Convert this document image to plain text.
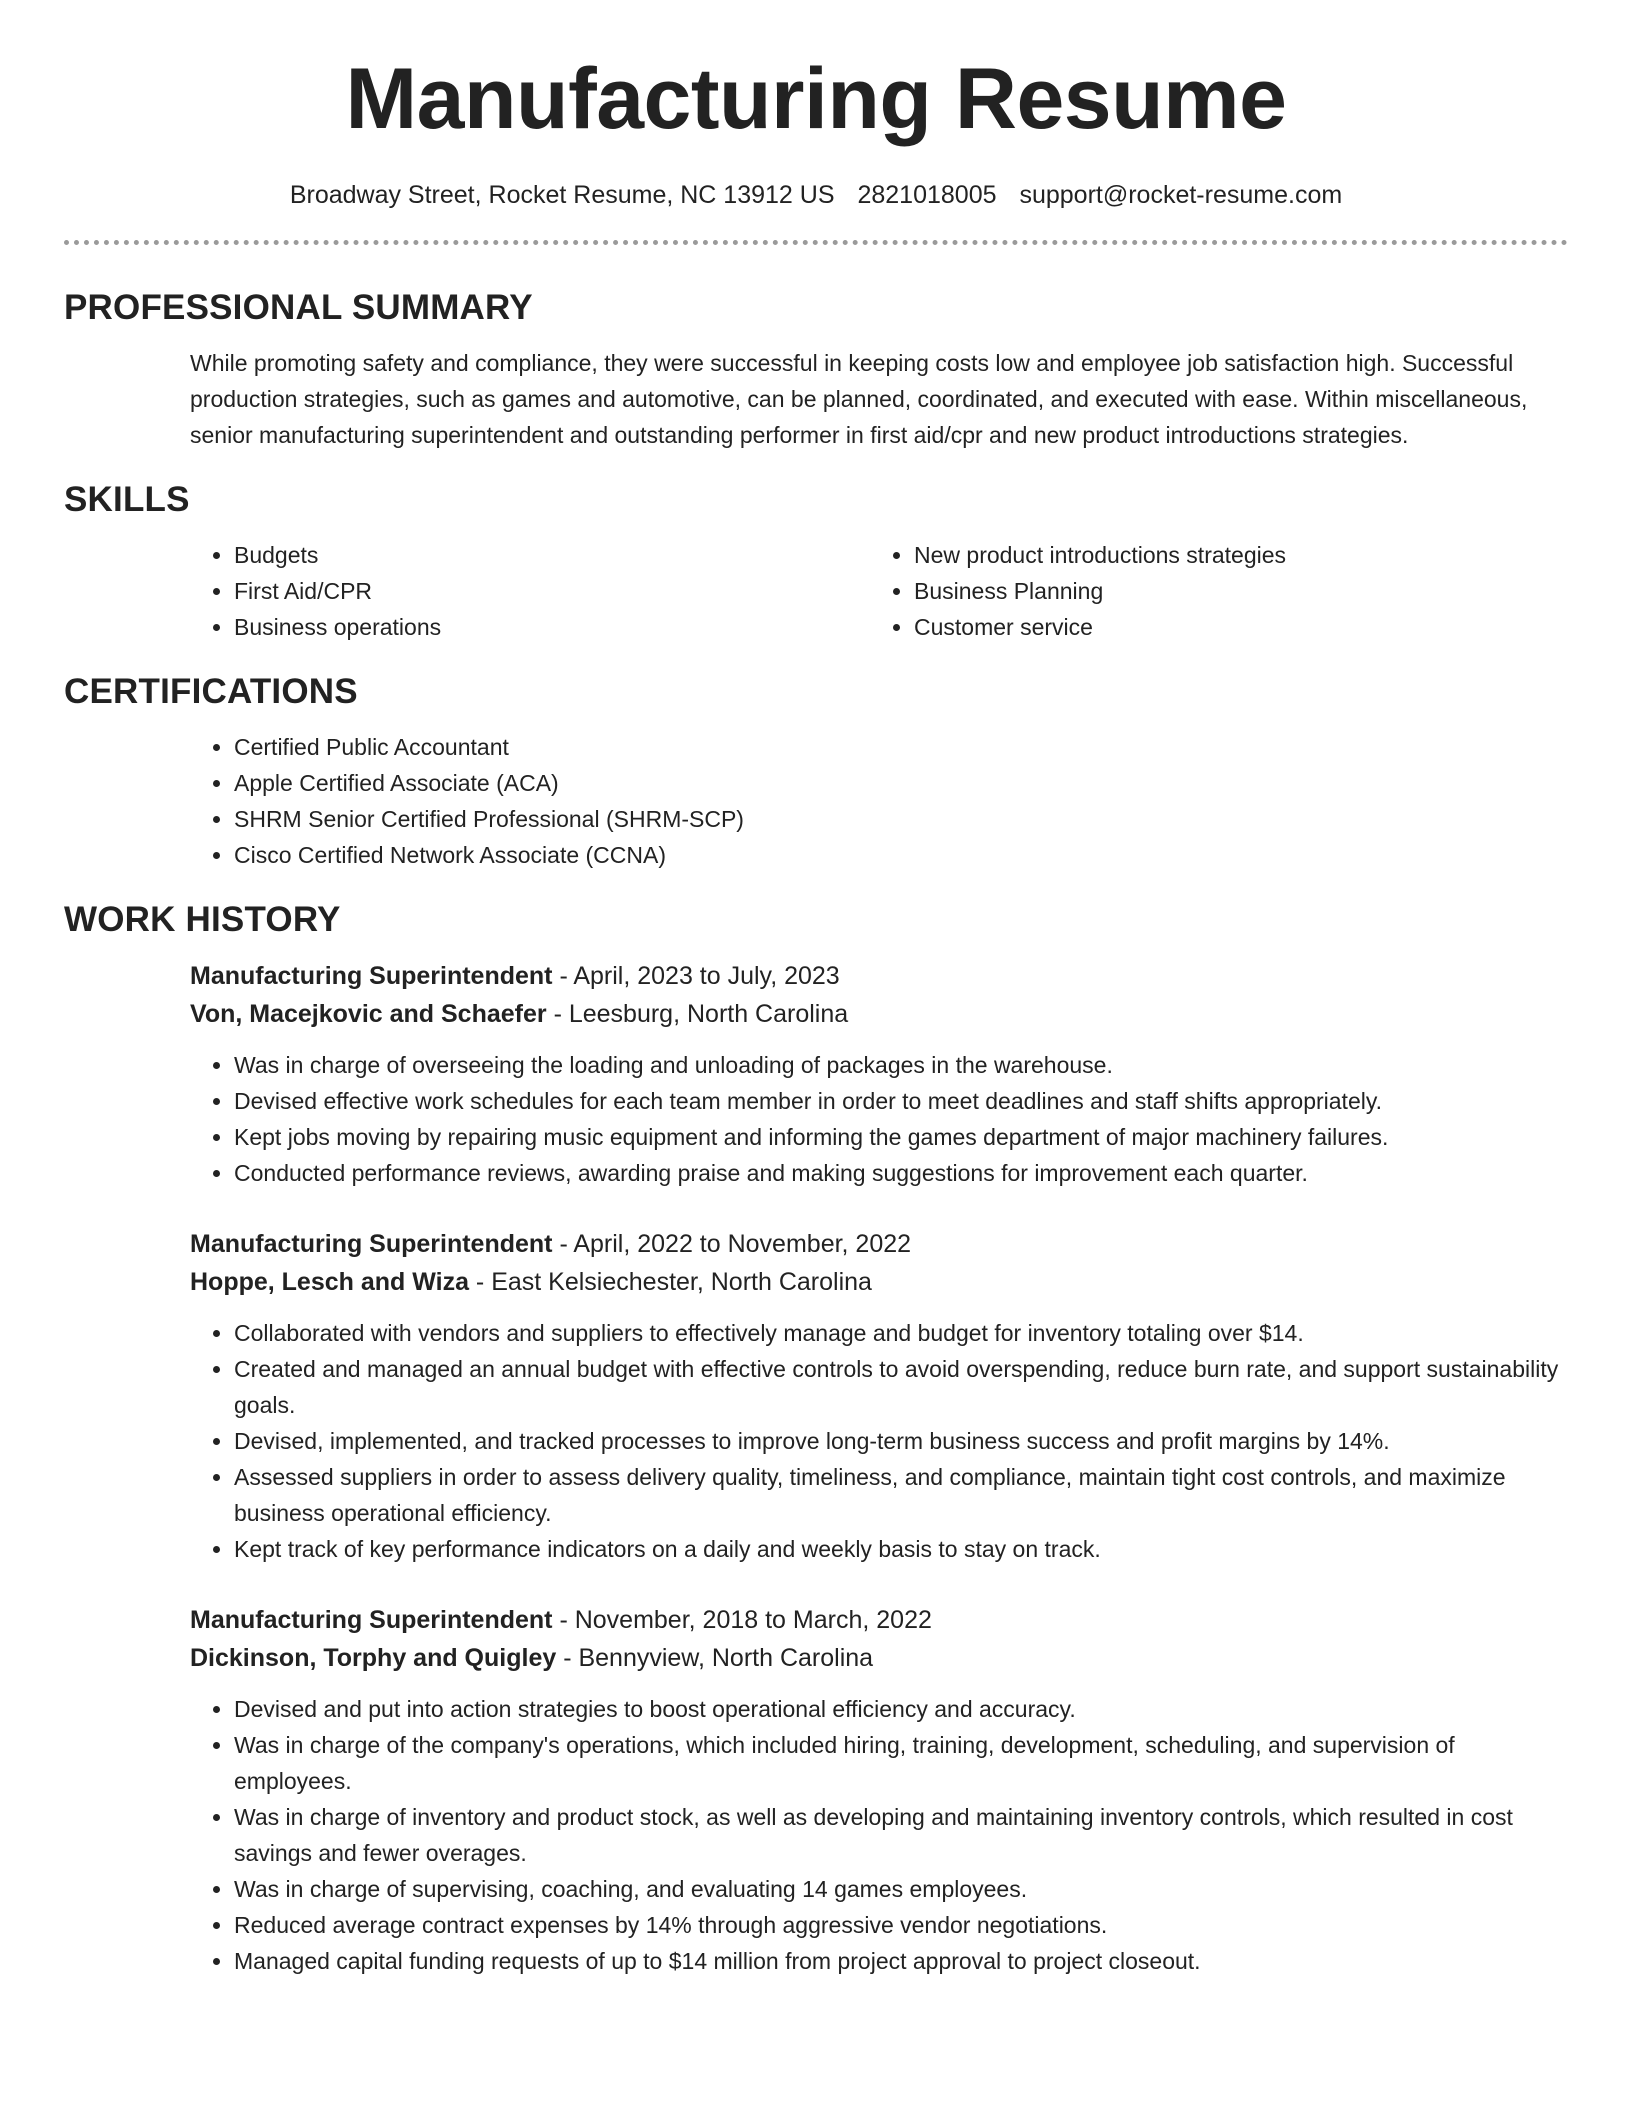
Manufacturing Resume
Broadway Street, Rocket Resume, NC 13912 US 2821018005 support@rocket-resume.com
PROFESSIONAL SUMMARY

While promoting safety and compliance, they were successful in keeping costs low and employee job satisfaction high. Successful production strategies, such as games and automotive, can be planned, coordinated, and executed with ease. Within miscellaneous, senior manufacturing superintendent and outstanding performer in first aid/cpr and new product introductions strategies.

SKILLS
• Budgets
• First Aid/CPR
• Business operations
• New product introductions strategies
• Business Planning
• Customer service
CERTIFICATIONS
• Certified Public Accountant
• Apple Certified Associate (ACA)
• SHRM Senior Certified Professional (SHRM-SCP)
• Cisco Certified Network Associate (CCNA)
WORK HISTORY
Manufacturing Superintendent - April, 2023 to July, 2023
Von, Macejkovic and Schaefer - Leesburg, North Carolina
• Was in charge of overseeing the loading and unloading of packages in the warehouse.
• Devised effective work schedules for each team member in order to meet deadlines and staff shifts appropriately.
• Kept jobs moving by repairing music equipment and informing the games department of major machinery failures.
• Conducted performance reviews, awarding praise and making suggestions for improvement each quarter.
Manufacturing Superintendent - April, 2022 to November, 2022
Hoppe, Lesch and Wiza - East Kelsiechester, North Carolina
• Collaborated with vendors and suppliers to effectively manage and budget for inventory totaling over $14.
• Created and managed an annual budget with effective controls to avoid overspending, reduce burn rate, and support sustainability goals.
• Devised, implemented, and tracked processes to improve long-term business success and profit margins by 14%.
• Assessed suppliers in order to assess delivery quality, timeliness, and compliance, maintain tight cost controls, and maximize business operational efficiency.
• Kept track of key performance indicators on a daily and weekly basis to stay on track.
Manufacturing Superintendent - November, 2018 to March, 2022
Dickinson, Torphy and Quigley - Bennyview, North Carolina
• Devised and put into action strategies to boost operational efficiency and accuracy.
• Was in charge of the company's operations, which included hiring, training, development, scheduling, and supervision of employees.
• Was in charge of inventory and product stock, as well as developing and maintaining inventory controls, which resulted in cost savings and fewer overages.
• Was in charge of supervising, coaching, and evaluating 14 games employees.
• Reduced average contract expenses by 14% through aggressive vendor negotiations.
• Managed capital funding requests of up to $14 million from project approval to project closeout.
